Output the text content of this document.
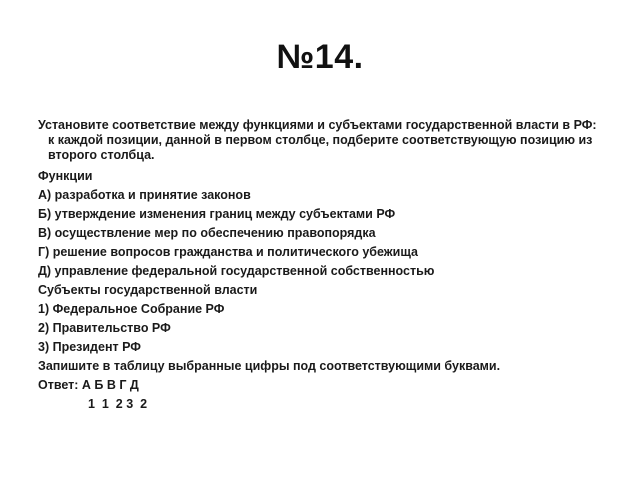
№14.
Установите соответствие между функциями и субъектами государственной власти в РФ:
к каждой позиции, данной в первом столбце, подберите соответствующую позицию из
второго столбца.
Функции
А) разработка и принятие законов
Б) утверждение изменения границ между субъектами РФ
В) осуществление мер по обеспечению правопорядка
Г) решение вопросов гражданства и политического убежища
Д) управление федеральной государственной собственностью
Субъекты государственной власти
1) Федеральное Собрание РФ
2) Правительство РФ
3) Президент РФ
Запишите в таблицу выбранные цифры под соответствующими буквами.
Ответ: А Б В Г Д
1  1  2 3  2
